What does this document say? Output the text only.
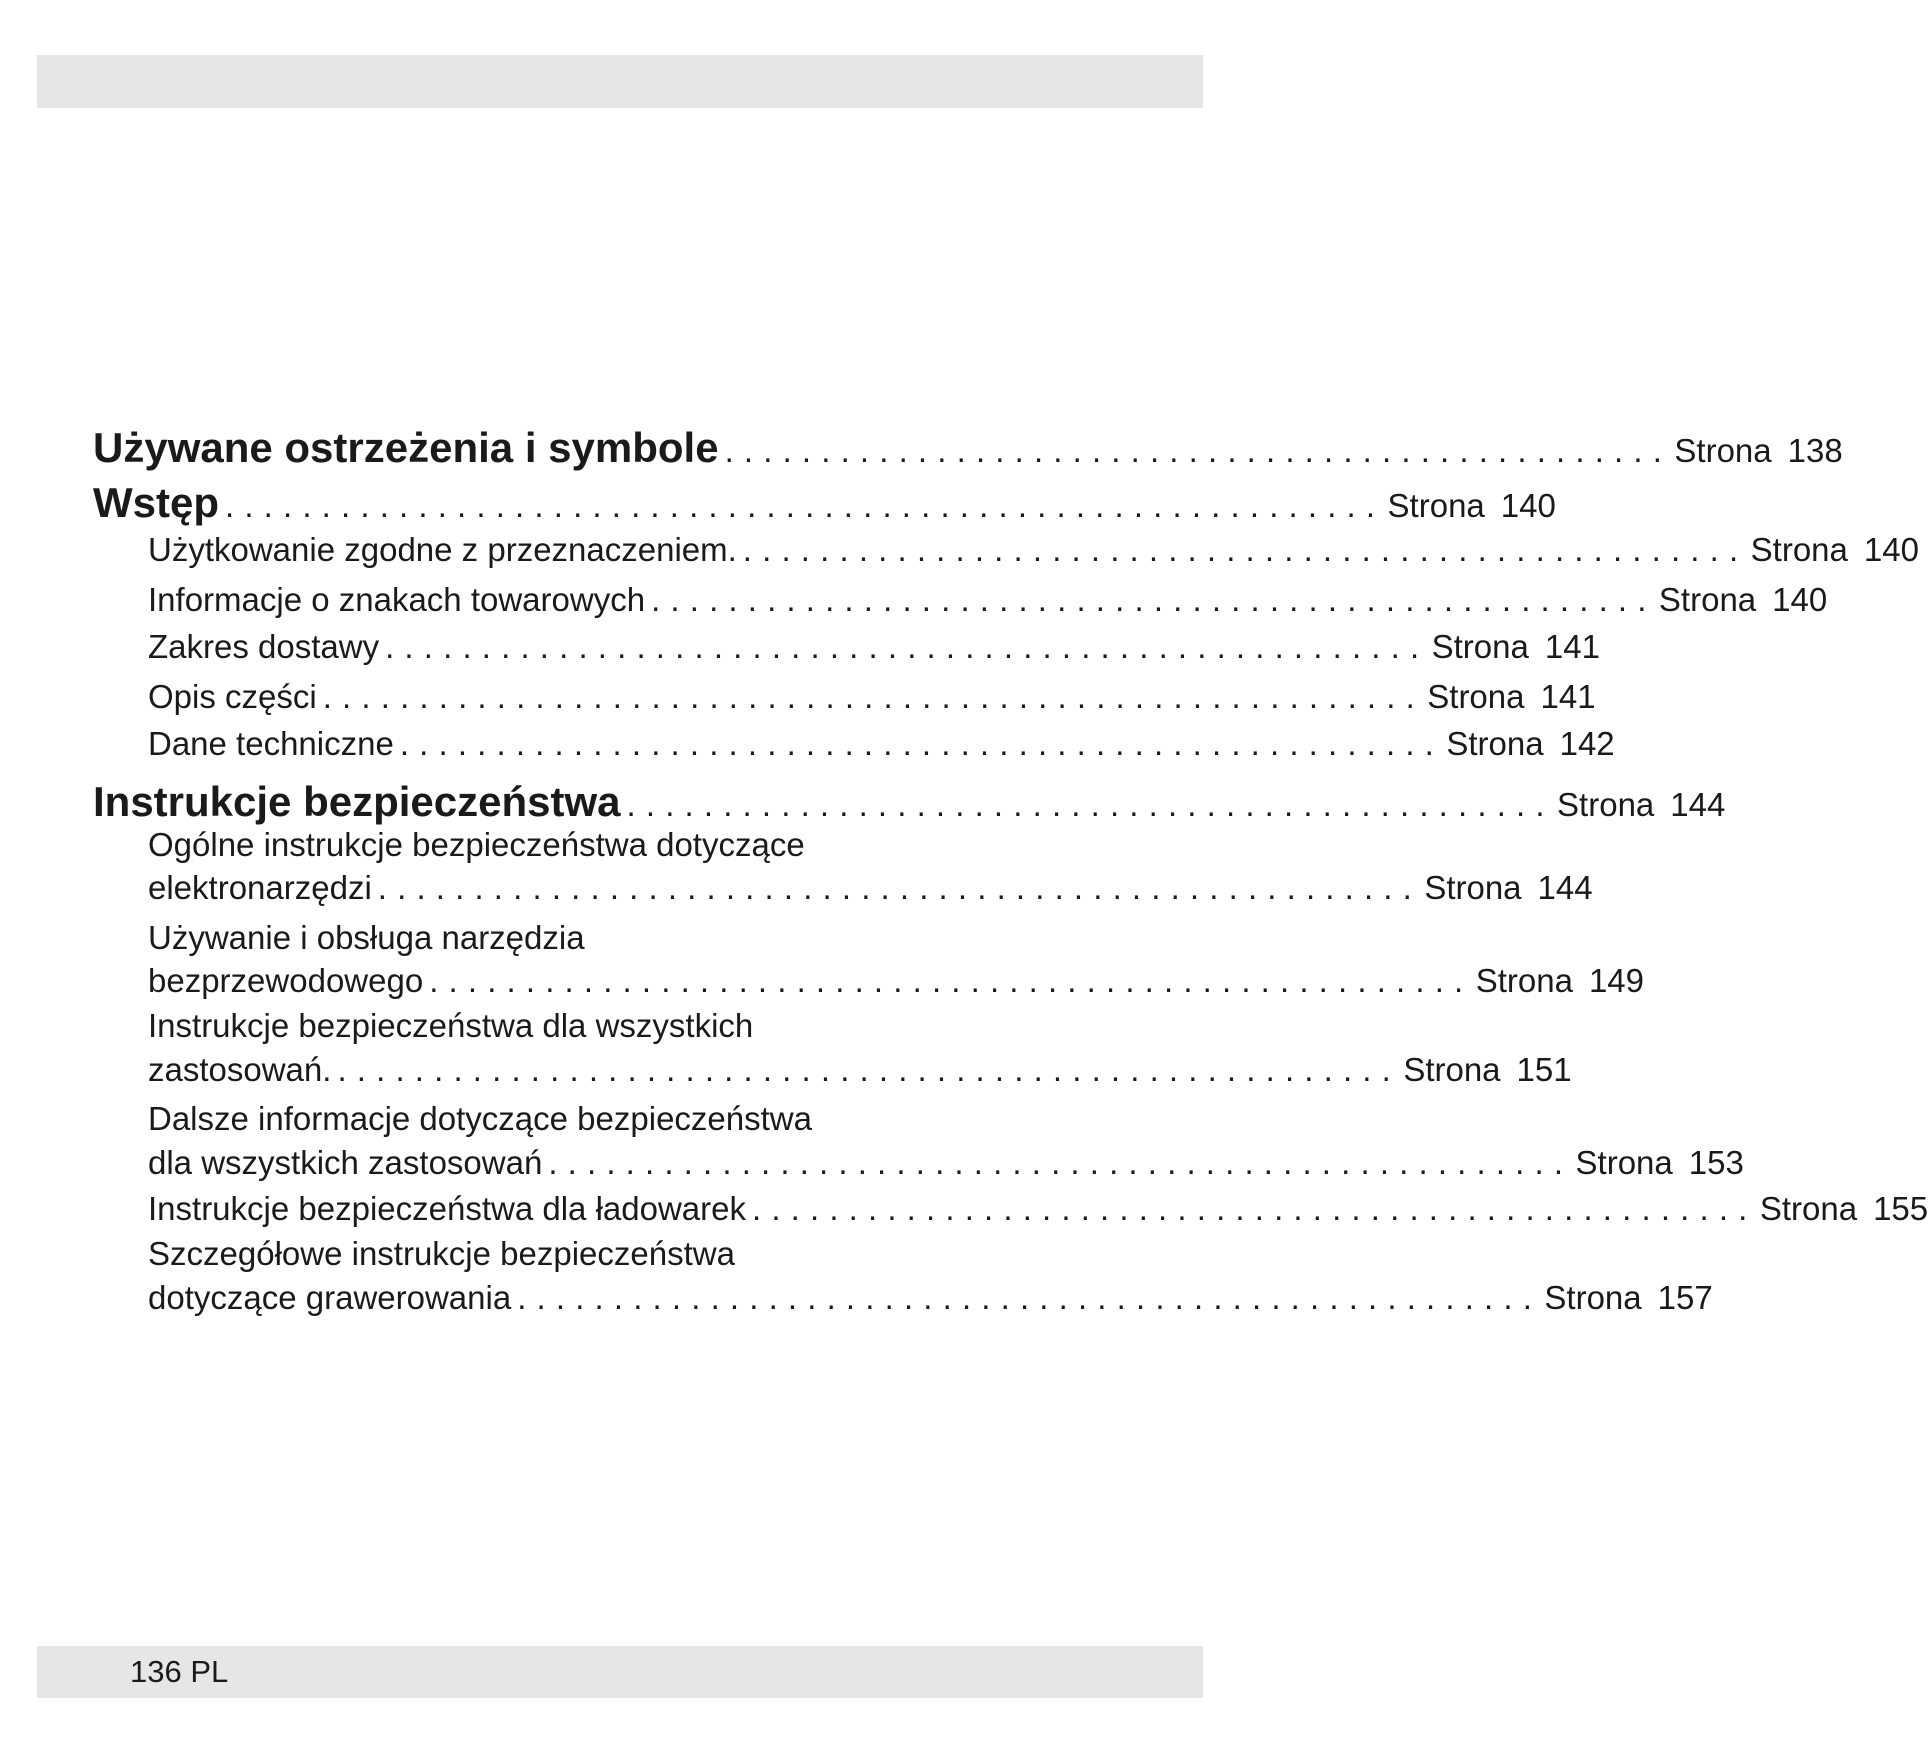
Używane ostrzeżenia i symbole . . . . . . . . . . . . . . . . . . . . . . . . . . . . . . . . . . . . . . . . . . . . . . . . . Strona 138
Wstęp . . . . . . . . . . . . . . . . . . . . . . . . . . . . . . . . . . . . . . . . . . . . . . . . . . . . . . . . . . . . Strona 140
Użytkowanie zgodne z przeznaczeniem. . . . . . . . . . . . . . . . . . . . . . . . . . . . . . . . . . . . . . . . . . . . . . . . . . . . . Strona 140
Informacje o znakach towarowych . . . . . . . . . . . . . . . . . . . . . . . . . . . . . . . . . . . . . . . . . . . . . . . . . . . . Strona 140
Zakres dostawy . . . . . . . . . . . . . . . . . . . . . . . . . . . . . . . . . . . . . . . . . . . . . . . . . . . . . . Strona 141
Opis części . . . . . . . . . . . . . . . . . . . . . . . . . . . . . . . . . . . . . . . . . . . . . . . . . . . . . . . . . Strona 141
Dane techniczne . . . . . . . . . . . . . . . . . . . . . . . . . . . . . . . . . . . . . . . . . . . . . . . . . . . . . . Strona 142
Instrukcje bezpieczeństwa . . . . . . . . . . . . . . . . . . . . . . . . . . . . . . . . . . . . . . . . . . . . . . . . Strona 144
Ogólne instrukcje bezpieczeństwa dotyczące
elektronarzędzi . . . . . . . . . . . . . . . . . . . . . . . . . . . . . . . . . . . . . . . . . . . . . . . . . . . . . . Strona 144
Używanie i obsługa narzędzia
bezprzewodowego . . . . . . . . . . . . . . . . . . . . . . . . . . . . . . . . . . . . . . . . . . . . . . . . . . . . . . Strona 149
Instrukcje bezpieczeństwa dla wszystkich
zastosowań. . . . . . . . . . . . . . . . . . . . . . . . . . . . . . . . . . . . . . . . . . . . . . . . . . . . . . . . Strona 151
Dalsze informacje dotyczące bezpieczeństwa
dla wszystkich zastosowań . . . . . . . . . . . . . . . . . . . . . . . . . . . . . . . . . . . . . . . . . . . . . . . . . . . . . Strona 153
Instrukcje bezpieczeństwa dla ładowarek . . . . . . . . . . . . . . . . . . . . . . . . . . . . . . . . . . . . . . . . . . . . . . . . . . . . Strona 155
Szczegółowe instrukcje bezpieczeństwa
dotyczące grawerowania . . . . . . . . . . . . . . . . . . . . . . . . . . . . . . . . . . . . . . . . . . . . . . . . . . . . . Strona 157
136 PL
